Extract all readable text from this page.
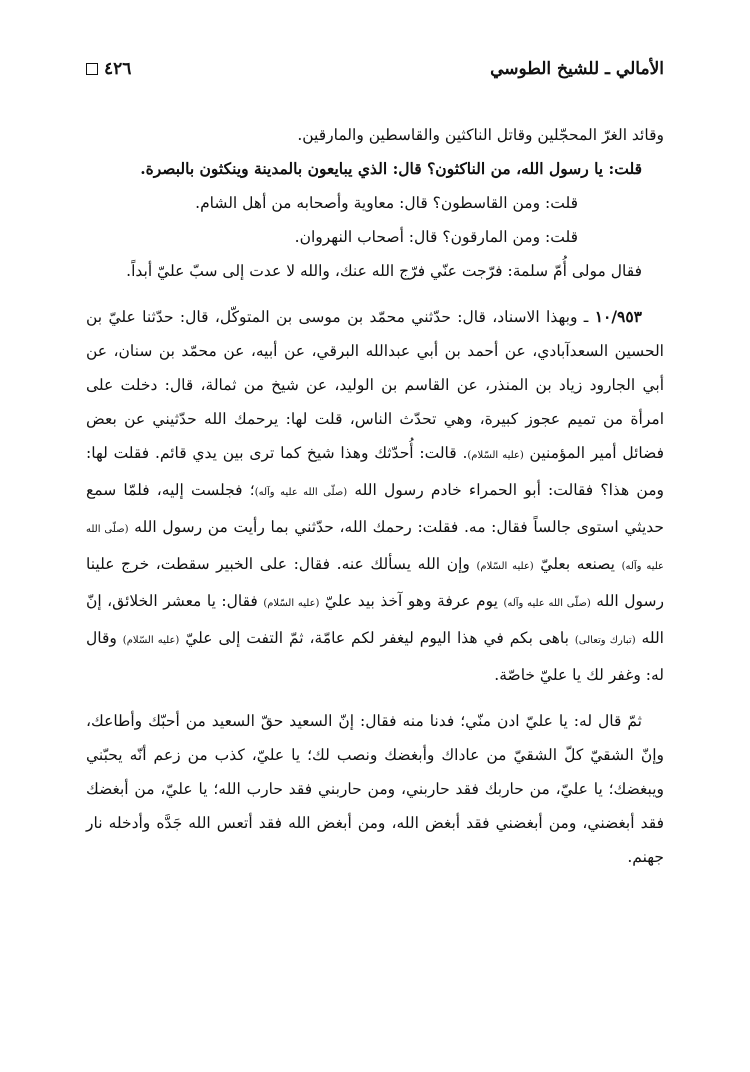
٤٢٦	الأمالي ـ للشيخ الطوسي

وقائد الغرّ المحجّلين وقاتل الناكثين والقاسطين والمارقين.

قلت: يا رسول الله، من الناكثون؟ قال: الذي يبايعون بالمدينة وينكثون بالبصرة.

قلت: ومن القاسطون؟ قال: معاوية وأصحابه من أهل الشام.

قلت: ومن المارقون؟ قال: أصحاب النهروان.

فقال مولى أُمّ سلمة: فرّجت عنّي فرّج الله عنك، والله لا عدت إلى سبّ عليّ أبداً.

١٠/٩٥٣ ـ وبهذا الاسناد، قال: حدّثني محمّد بن موسى بن المتوكّل، قال: حدّثنا عليّ بن الحسين السعدآبادي، عن أحمد بن أبي عبدالله البرقي، عن أبيه، عن محمّد بن سنان، عن أبي الجارود زياد بن المنذر، عن القاسم بن الوليد، عن شيخ من ثمالة، قال: دخلت على امرأة من تميم عجوز كبيرة، وهي تحدّث الناس، قلت لها: يرحمك الله حدّثيني عن بعض فضائل أمير المؤمنين (عليه السّلام). قالت: أُحدّثك وهذا شيخ كما ترى بين يدي قائم. فقلت لها: ومن هذا؟ فقالت: أبو الحمراء خادم رسول الله (صلّى الله عليه وآله)؛ فجلست إليه، فلمّا سمع حديثي استوى جالساً فقال: مه. فقلت: رحمك الله، حدّثني بما رأيت من رسول الله (صلّى الله عليه وآله) يصنعه بعليّ (عليه السّلام) وإن الله يسألك عنه. فقال: على الخبير سقطت، خرج علينا رسول الله (صلّى الله عليه وآله) يوم عرفة وهو آخذ بيد عليّ (عليه السّلام) فقال: يا معشر الخلائق، إنّ الله (تبارك وتعالى) باهى بكم في هذا اليوم ليغفر لكم عامّة، ثمّ التفت إلى عليّ (عليه السّلام) وقال له: وغفر لك يا عليّ خاصّة.

ثمّ قال له: يا عليّ ادن منّي؛ فدنا منه فقال: إنّ السعيد حقّ السعيد من أحبّك وأطاعك، وإنّ الشقيّ كلّ الشقيّ من عاداك وأبغضك ونصب لك؛ يا عليّ، كذب من زعم أنّه يحبّني ويبغضك؛ يا عليّ، من حاربك فقد حاربني، ومن حاربني فقد حارب الله؛ يا عليّ، من أبغضك فقد أبغضني، ومن أبغضني فقد أبغض الله، ومن أبغض الله فقد أتعس الله جَدَّه وأدخله نار جهنم.
